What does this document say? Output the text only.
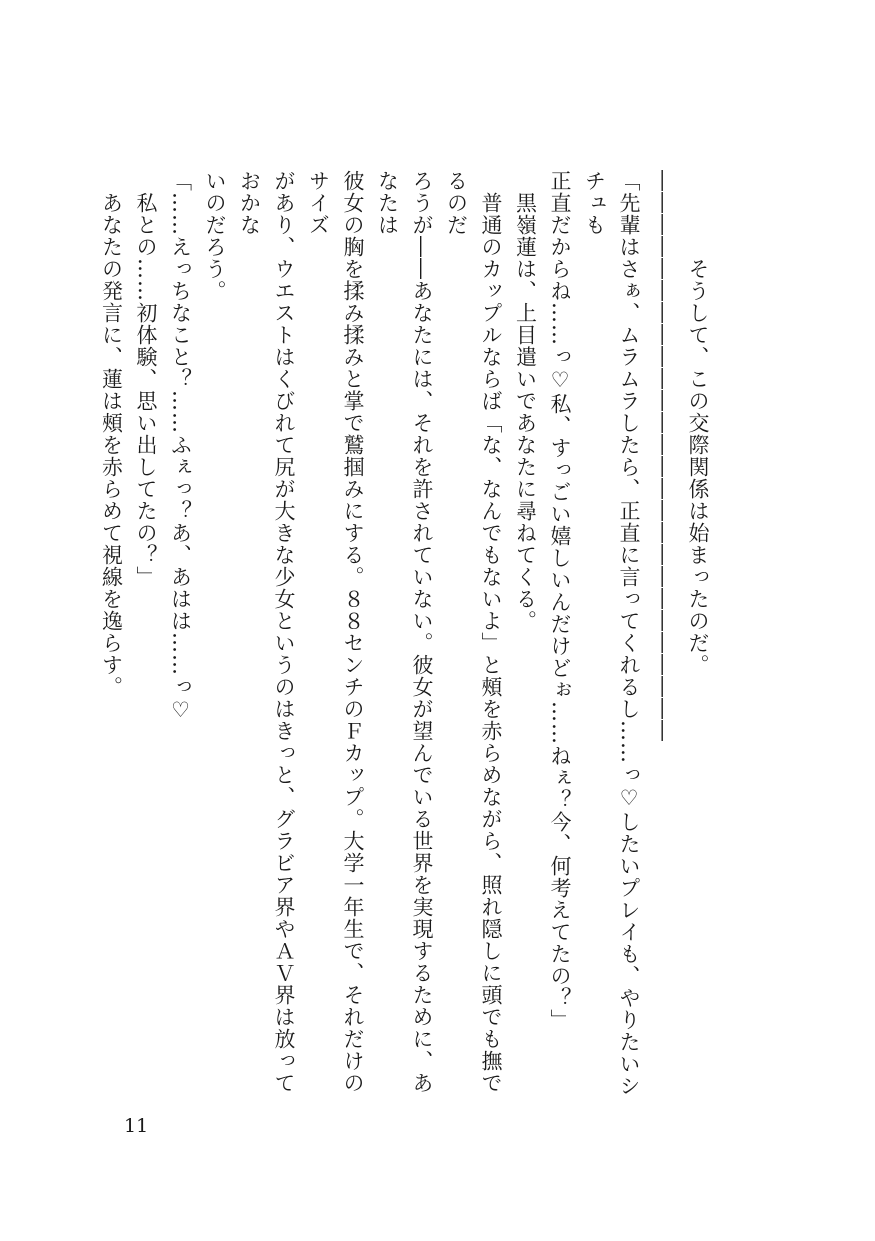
　　　　そうして、この交際関係は始まったのだ。

――――――――――――――――――――――――――

「先輩はさぁ、ムラムラしたら、正直に言ってくれるし……っ♡したいプレイも、やりたいシチュも

正直だからね……っ♡私、すっごい嬉しいんだけどぉ……ねぇ？今、何考えてたの？」

　黒嶺蓮は、上目遣いであなたに尋ねてくる。

　普通のカップルならば「な、なんでもないよ」と頰を赤らめながら、照れ隠しに頭でも撫でるのだ

ろうが――あなたには、それを許されていない。彼女が望んでいる世界を実現するために、あなたは

彼女の胸を揉み揉みと掌で鷲掴みにする。８８センチのＦカップ。大学一年生で、それだけのサイズ

があり、ウエストはくびれて尻が大きな少女というのはきっと、グラビア界やＡＶ界は放っておかな

いのだろう。

「……えっちなこと？……ふぇっ？あ、あはは……っ♡

　私との……初体験、思い出してたの？」

　あなたの発言に、蓮は頰を赤らめて視線を逸らす。

11
